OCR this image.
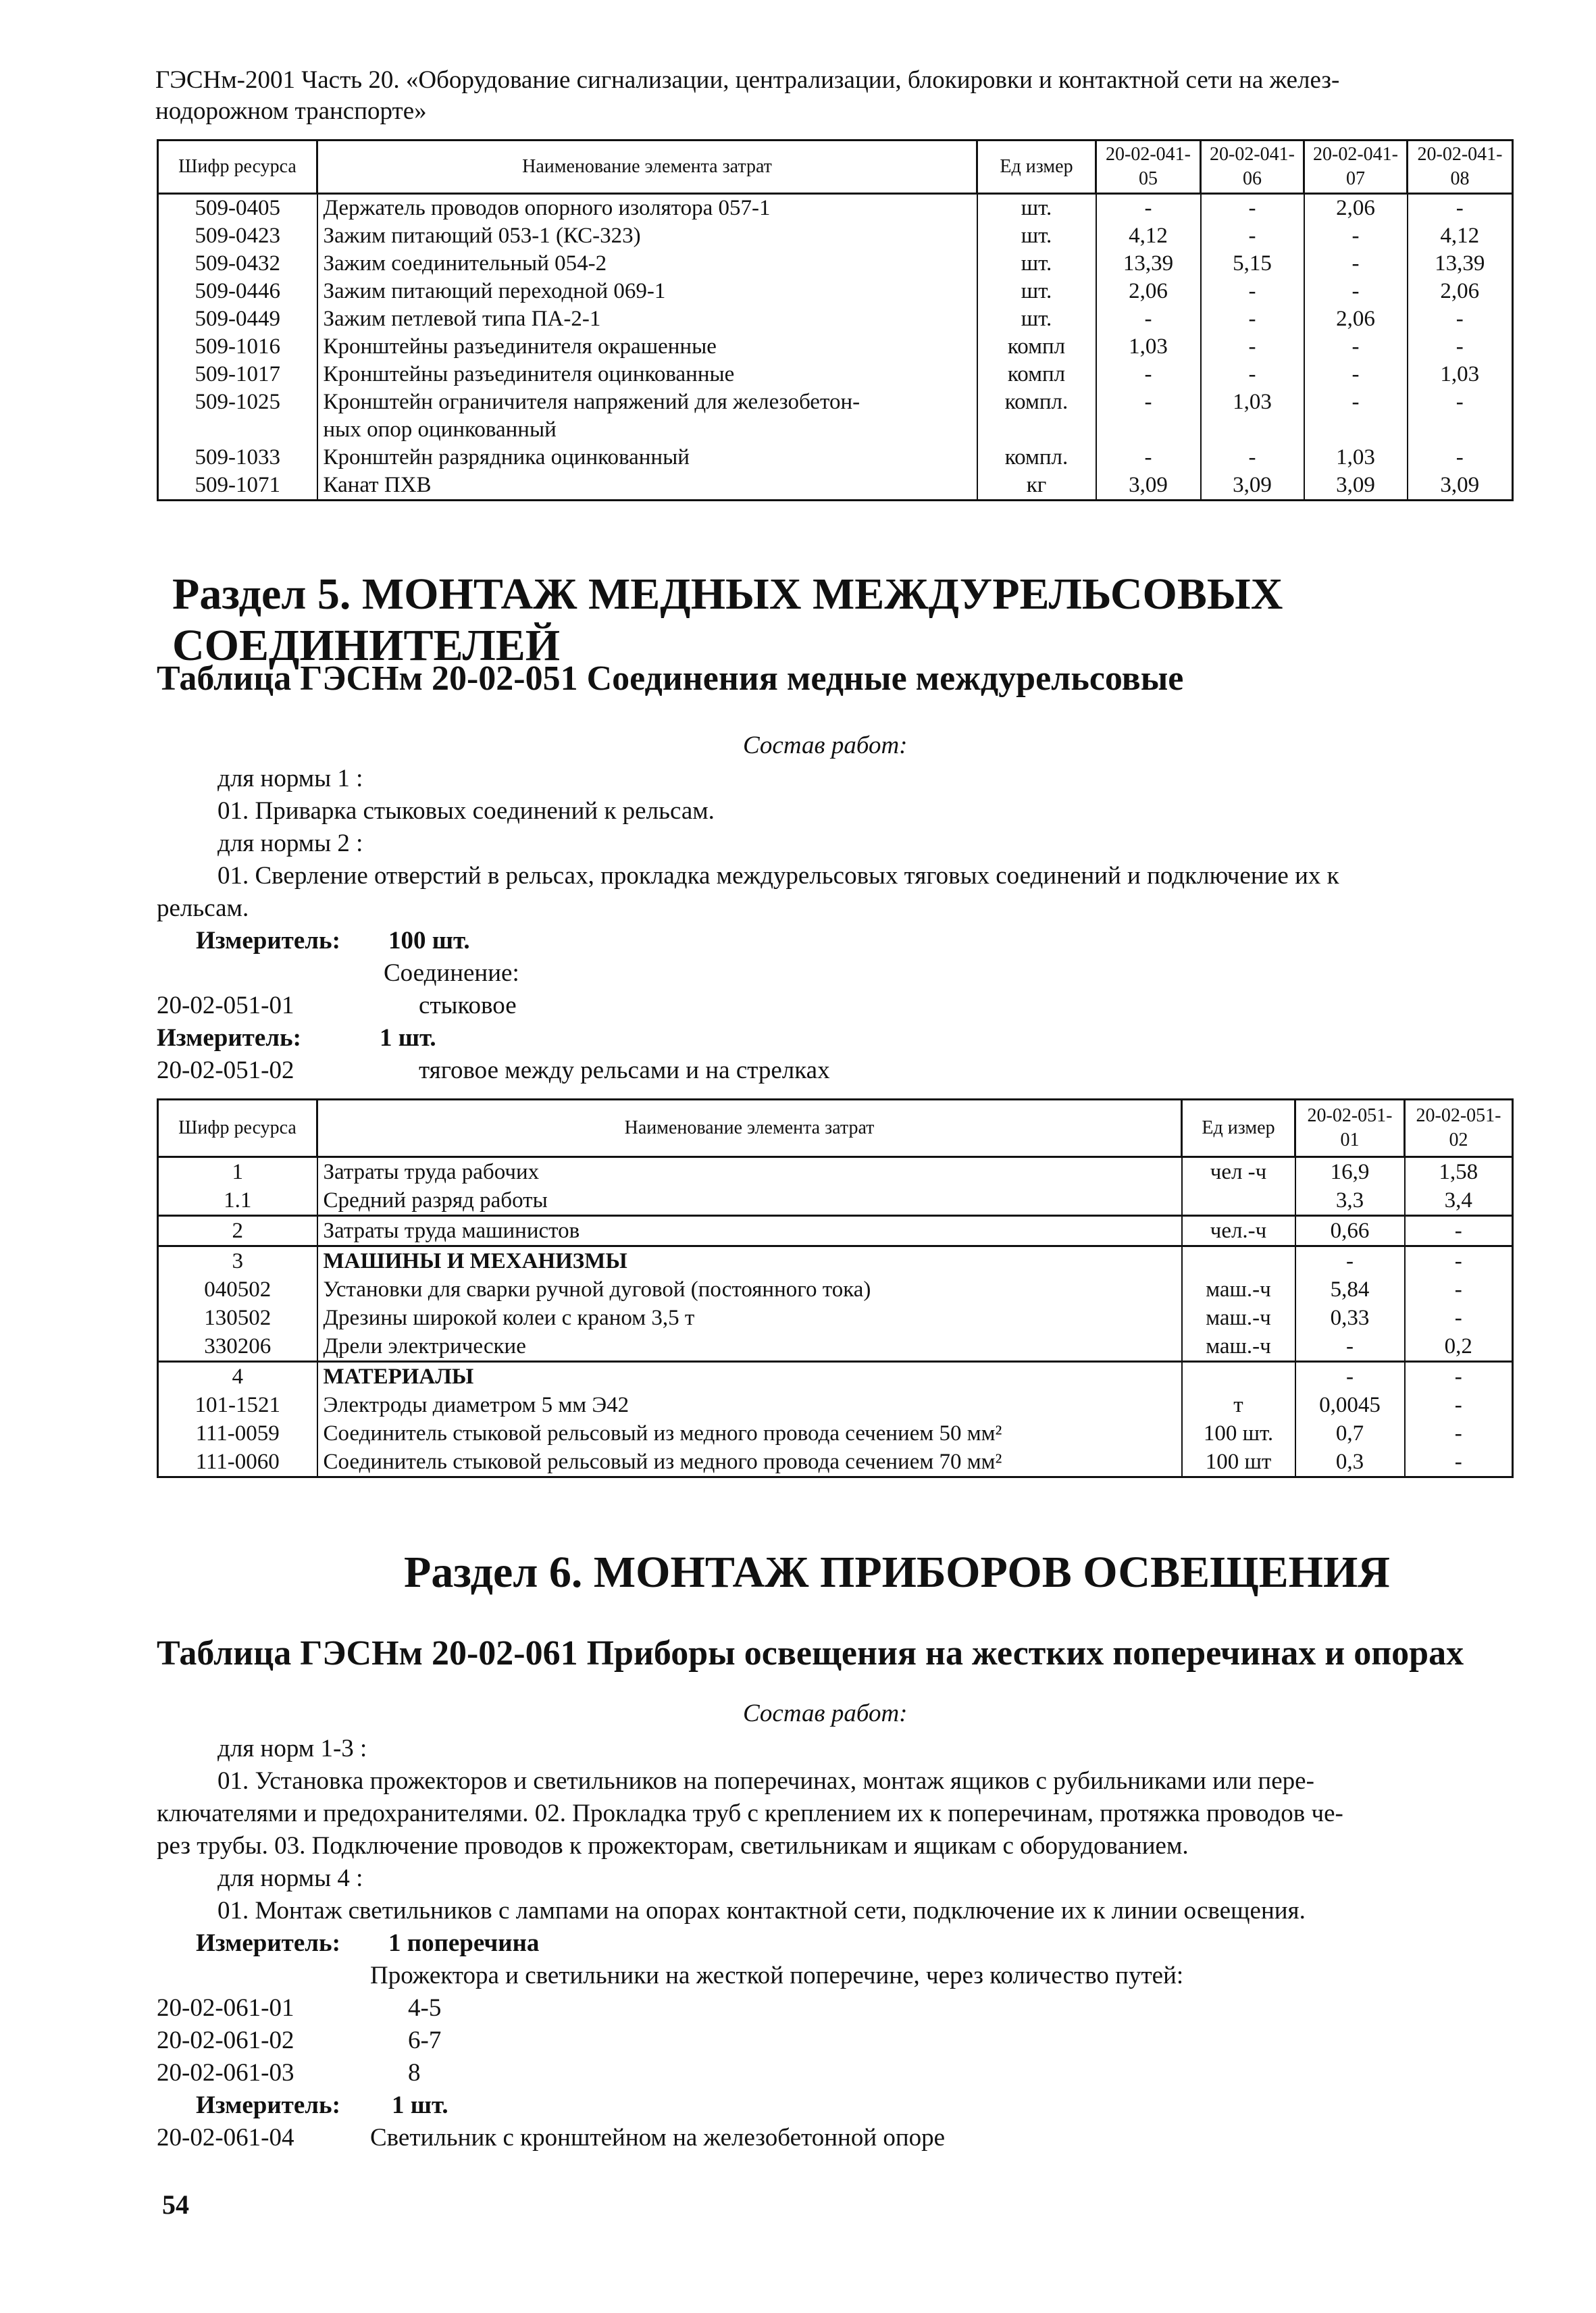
ГЭСНм-2001 Часть 20. «Оборудование сигнализации, централизации, блокировки и контактной сети на желез-
нодорожном транспорте»
Шифр ресурса	Наименование элемента затрат	Ед измер	20-02-041-05	20-02-041-06	20-02-041-07	20-02-041-08
509-0405	Держатель проводов опорного изолятора 057-1	шт.	-	-	2,06	-
509-0423	Зажим питающий 053-1 (КС-323)	шт.	4,12	-	-	4,12
509-0432	Зажим соединительный 054-2	шт.	13,39	5,15	-	13,39
509-0446	Зажим питающий переходной 069-1	шт.	2,06	-	-	2,06
509-0449	Зажим петлевой типа ПА-2-1	шт.	-	-	2,06	-
509-1016	Кронштейны разъединителя окрашенные	компл	1,03	-	-	-
509-1017	Кронштейны разъединителя оцинкованные	компл	-	-	-	1,03
509-1025	Кронштейн ограничителя напряжений для железобетон-
ных опор оцинкованный	компл.	-	1,03	-	-
509-1033	Кронштейн разрядника оцинкованный	компл.	-	-	1,03	-
509-1071	Канат ПХВ	кг	3,09	3,09	3,09	3,09
Раздел 5. МОНТАЖ МЕДНЫХ МЕЖДУРЕЛЬСОВЫХ СОЕДИНИТЕЛЕЙ
Таблица ГЭСНм 20-02-051 Соединения медные междурельсовые
Состав работ:
для нормы 1 :
01. Приварка стыковых соединений к рельсам.
для нормы 2 :
01. Сверление отверстий в рельсах, прокладка междурельсовых тяговых соединений и подключение их к
рельсам.
Измеритель: 100 шт.
Соединение:
20-02-051-01	стыковое
Измеритель:	1 шт.
20-02-051-02	тяговое между рельсами и на стрелках
Шифр ресурса	Наименование элемента затрат	Ед измер	20-02-051-01	20-02-051-02
1	Затраты труда рабочих	чел -ч	16,9	1,58
1.1	Средний разряд работы		3,3	3,4
2	Затраты труда машинистов	чел.-ч	0,66	-
3	МАШИНЫ И МЕХАНИЗМЫ		-	-
040502	Установки для сварки ручной дуговой (постоянного тока)	маш.-ч	5,84	-
130502	Дрезины широкой колеи с краном 3,5 т	маш.-ч	0,33	-
330206	Дрели электрические	маш.-ч	-	0,2
4	МАТЕРИАЛЫ		-	-
101-1521	Электроды диаметром 5 мм Э42	т	0,0045	-
111-0059	Соединитель стыковой рельсовый из медного провода сечением 50 мм²	100 шт.	0,7	-
111-0060	Соединитель стыковой рельсовый из медного провода сечением 70 мм²	100 шт	0,3	-
Раздел 6. МОНТАЖ ПРИБОРОВ ОСВЕЩЕНИЯ
Таблица ГЭСНм 20-02-061 Приборы освещения на жестких поперечинах и опорах
Состав работ:
для норм 1-3 :
01. Установка прожекторов и светильников на поперечинах, монтаж ящиков с рубильниками или пере-
ключателями и предохранителями. 02. Прокладка труб с креплением их к поперечинам, протяжка проводов че-
рез трубы. 03. Подключение проводов к прожекторам, светильникам и ящикам с оборудованием.
для нормы 4 :
01. Монтаж светильников с лампами на опорах контактной сети, подключение их к линии освещения.
Измеритель: 1 поперечина
Прожектора и светильники на жесткой поперечине, через количество путей:
20-02-061-01	4-5
20-02-061-02	6-7
20-02-061-03	8
Измеритель: 1 шт.
20-02-061-04	Светильник с кронштейном на железобетонной опоре
54
